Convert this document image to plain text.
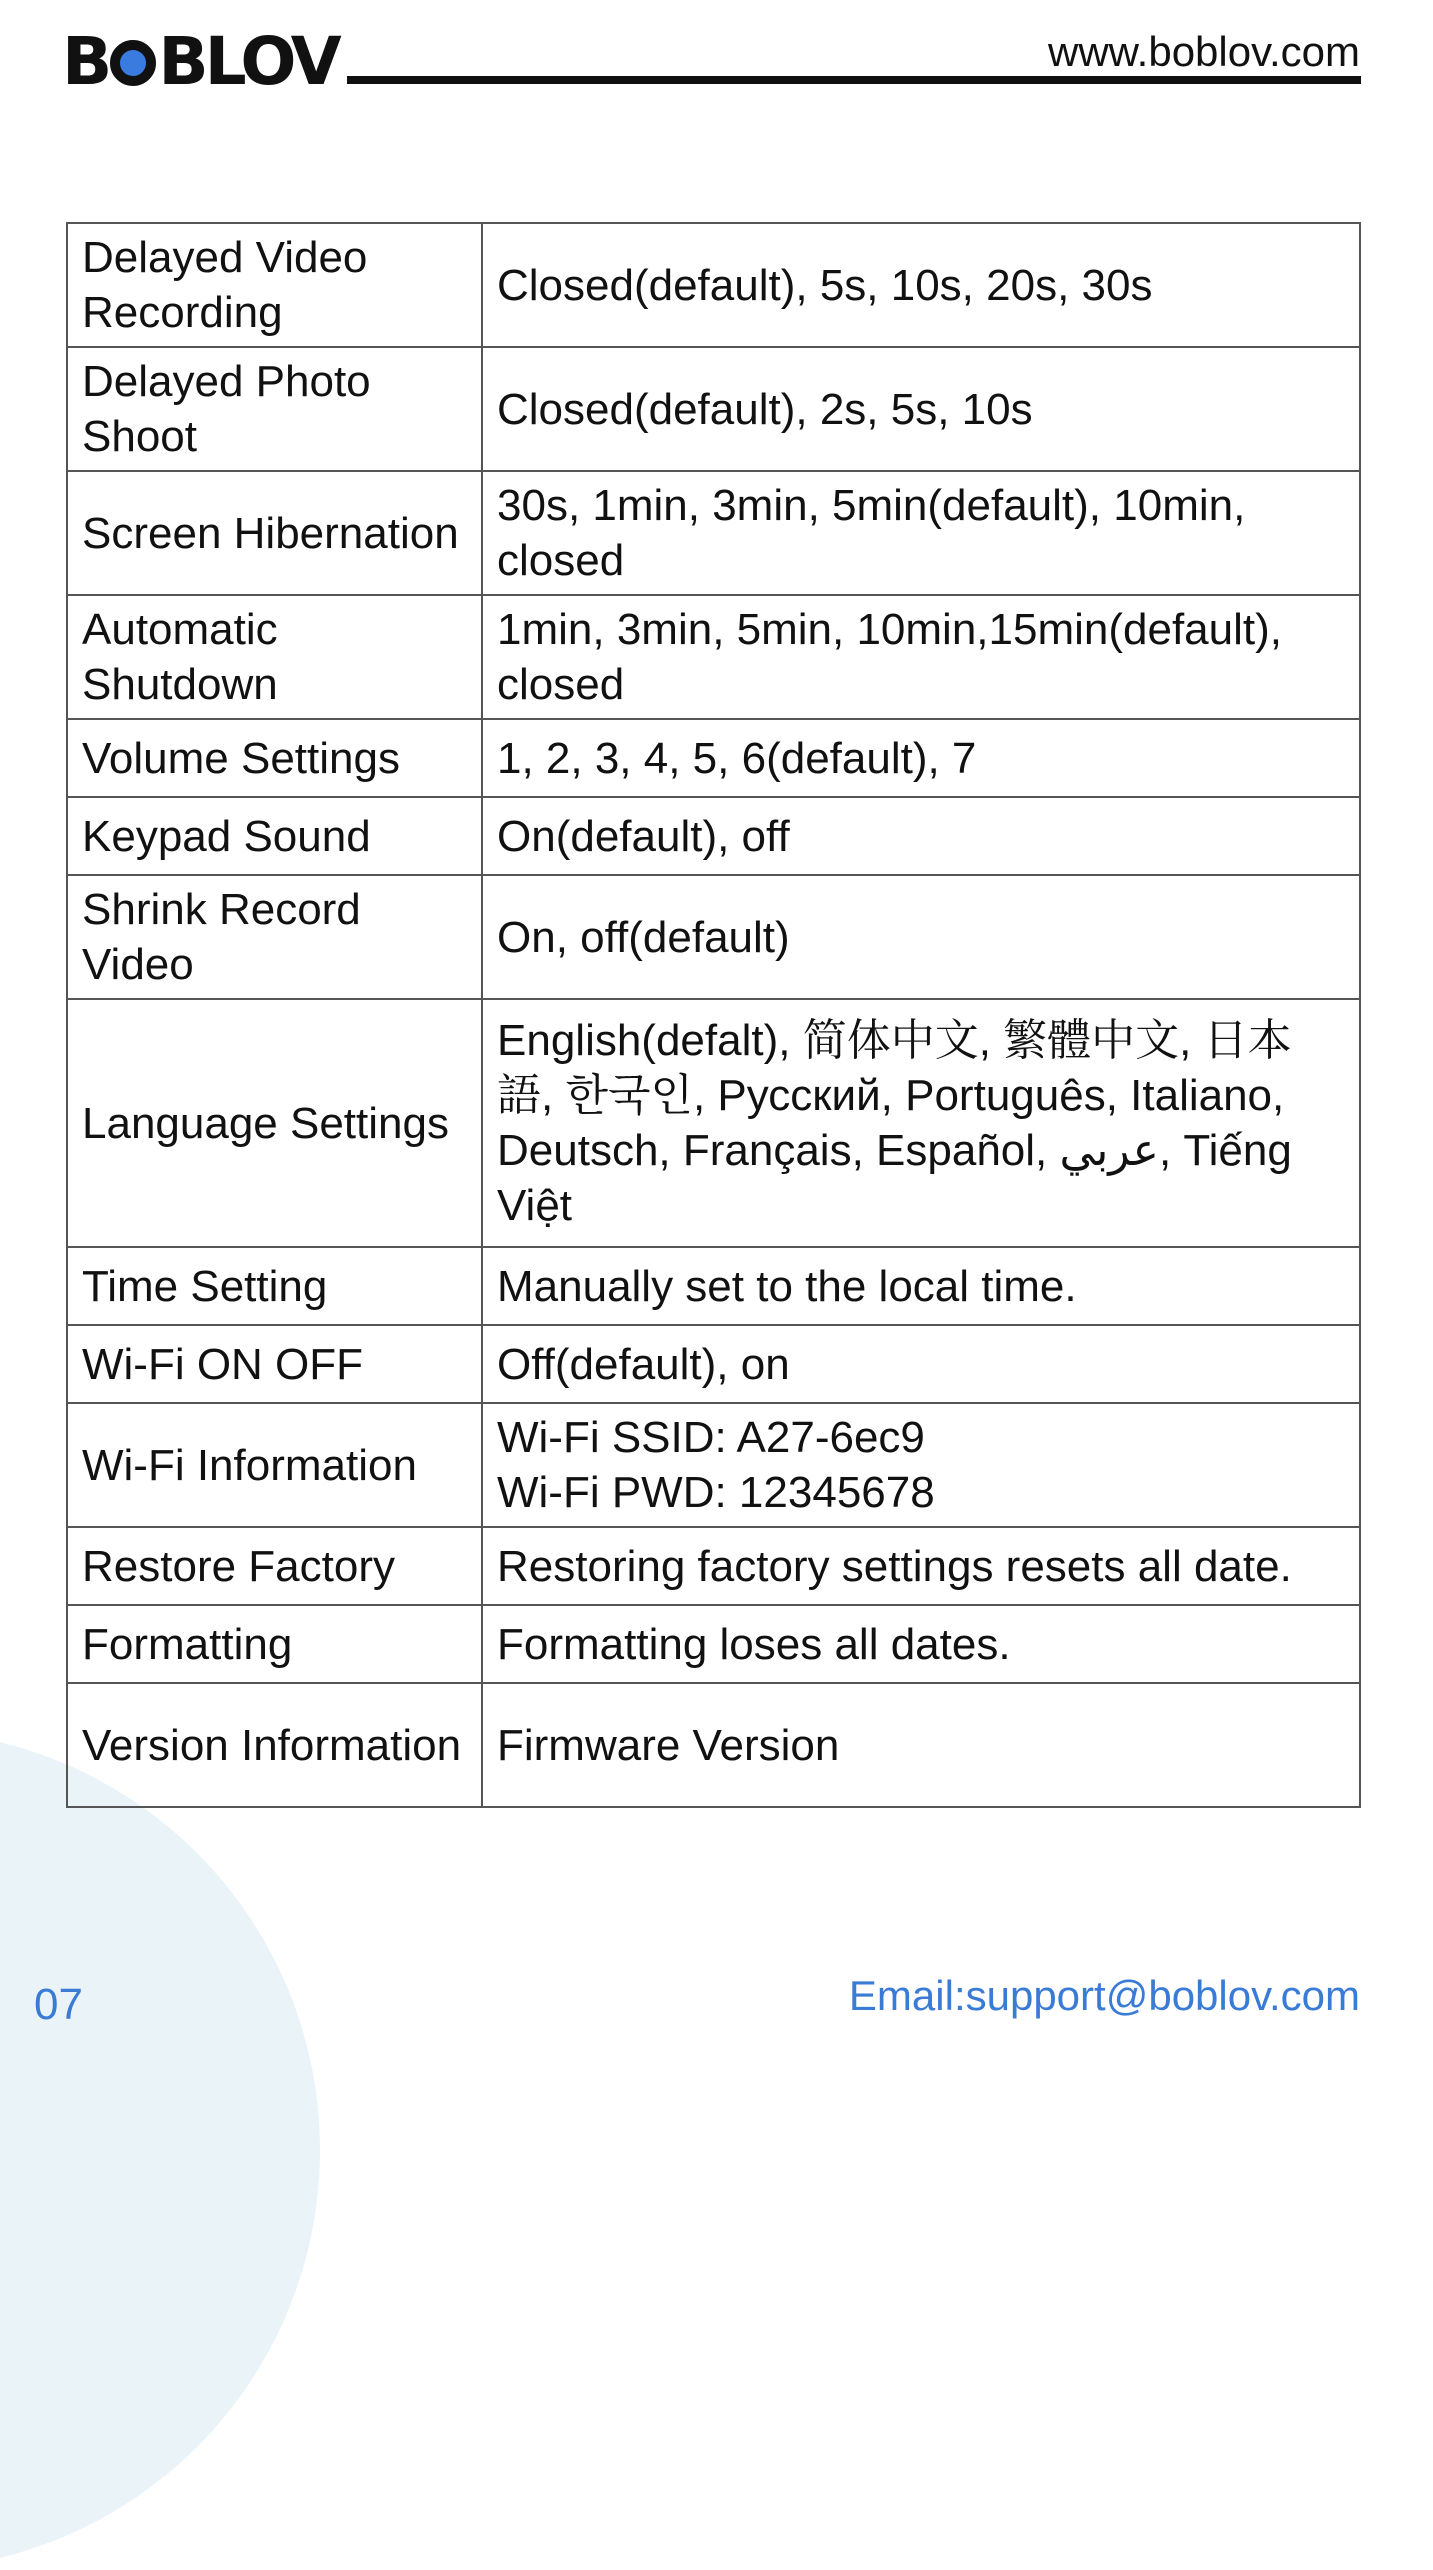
B BLOV	www.boblov.com
Delayed Video Recording	Closed(default), 5s, 10s, 20s, 30s
Delayed Photo Shoot	Closed(default), 2s, 5s, 10s
Screen Hibernation	30s, 1min, 3min, 5min(default), 10min, closed
Automatic Shutdown	1min, 3min, 5min, 10min,15min(default), closed
Volume Settings	1, 2, 3, 4, 5, 6(default), 7
Keypad Sound	On(default), off
Shrink Record Video	On, off(default)
Language Settings	English(defalt), 简体中文, 繁體中文, 日本語, 한국인, Русский, Português, Italiano, Deutsch, Français, Español, عربي, Tiếng Việt
Time Setting	Manually set to the local time.
Wi-Fi ON OFF	Off(default), on
Wi-Fi Information	Wi-Fi SSID: A27-6ec9
Wi-Fi PWD: 12345678

Restore Factory	Restoring factory settings resets all date.
Formatting	Formatting loses all dates.
Version Information	Firmware Version
07	Email:support@boblov.com
